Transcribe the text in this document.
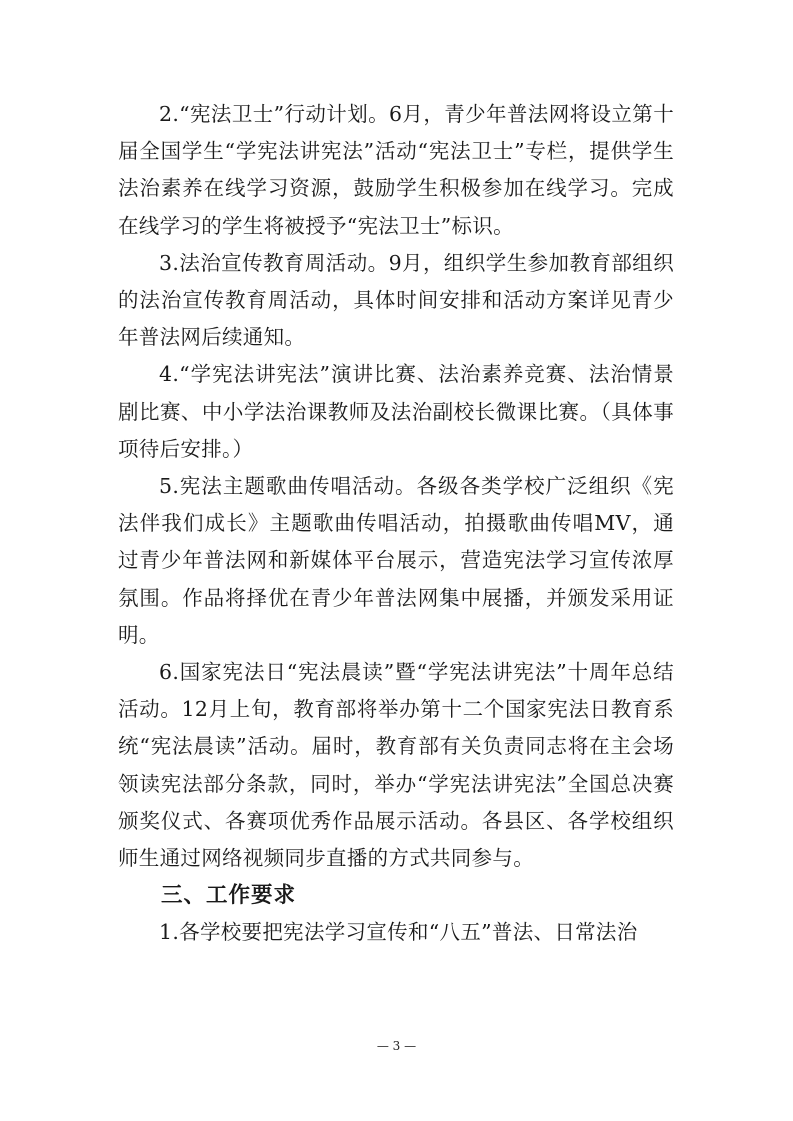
2.“宪法卫士”行动计划。6月，青少年普法网将设立第十届全国学生“学宪法讲宪法”活动“宪法卫士”专栏，提供学生法治素养在线学习资源，鼓励学生积极参加在线学习。完成在线学习的学生将被授予“宪法卫士”标识。

3.法治宣传教育周活动。9月，组织学生参加教育部组织的法治宣传教育周活动，具体时间安排和活动方案详见青少年普法网后续通知。

4.“学宪法讲宪法”演讲比赛、法治素养竞赛、法治情景剧比赛、中小学法治课教师及法治副校长微课比赛。（具体事项待后安排。）

5.宪法主题歌曲传唱活动。各级各类学校广泛组织《宪法伴我们成长》主题歌曲传唱活动，拍摄歌曲传唱MV，通过青少年普法网和新媒体平台展示，营造宪法学习宣传浓厚氛围。作品将择优在青少年普法网集中展播，并颁发采用证明。

6.国家宪法日“宪法晨读”暨“学宪法讲宪法”十周年总结活动。12月上旬，教育部将举办第十二个国家宪法日教育系统“宪法晨读”活动。届时，教育部有关负责同志将在主会场领读宪法部分条款，同时，举办“学宪法讲宪法”全国总决赛颁奖仪式、各赛项优秀作品展示活动。各县区、各学校组织师生通过网络视频同步直播的方式共同参与。

三、工作要求

1.各学校要把宪法学习宣传和“八五”普法、日常法治

— 3 —
